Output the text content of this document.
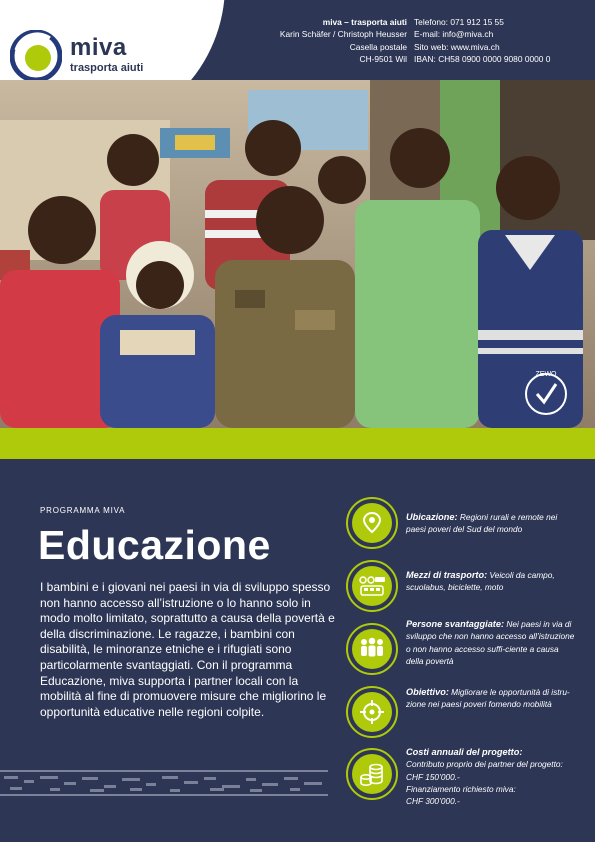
miva
trasporta aiuti
miva – trasporta aiuti
Karin Schäfer / Christoph Heusser
Casella postale
CH-9501 Wil
Telefono: 071 912 15 55
E-mail: info@miva.ch
Sito web: www.miva.ch
IBAN: CH58 0900 0000 9080 0000 0
ZEWO
PROGRAMMA MIVA
Educazione
I bambini e i giovani nei paesi in via di sviluppo spesso non hanno accesso all’istruzione o lo hanno solo in modo molto limitato, soprattutto a causa della povertà e della discriminazione. Le ragazze, i bambini con disabilità, le minoranze etniche e i rifugiati sono particolarmente svantaggiati. Con il programma Educazione, miva supporta i partner locali con la mobilità al fine di promuovere misure che migliorino le opportunità educative nelle regioni colpite.
Ubicazione: Regioni rurali e remote nei paesi poveri del Sud del mondo
Mezzi di trasporto: Veicoli da campo, scuolabus, biciclette, moto
Persone svantaggiate: Nei paesi in via di sviluppo che non hanno accesso all’istruzione o non hanno accesso suffi-ciente a causa della povertà
Obiettivo: Migliorare le opportunità di istru-zione nei paesi poveri fomendo mobilità
Costi annuali del progetto:
Contributo proprio dei partner del progetto: CHF 150’000.-
Finanziamento richiesto miva:
CHF 300’000.-
